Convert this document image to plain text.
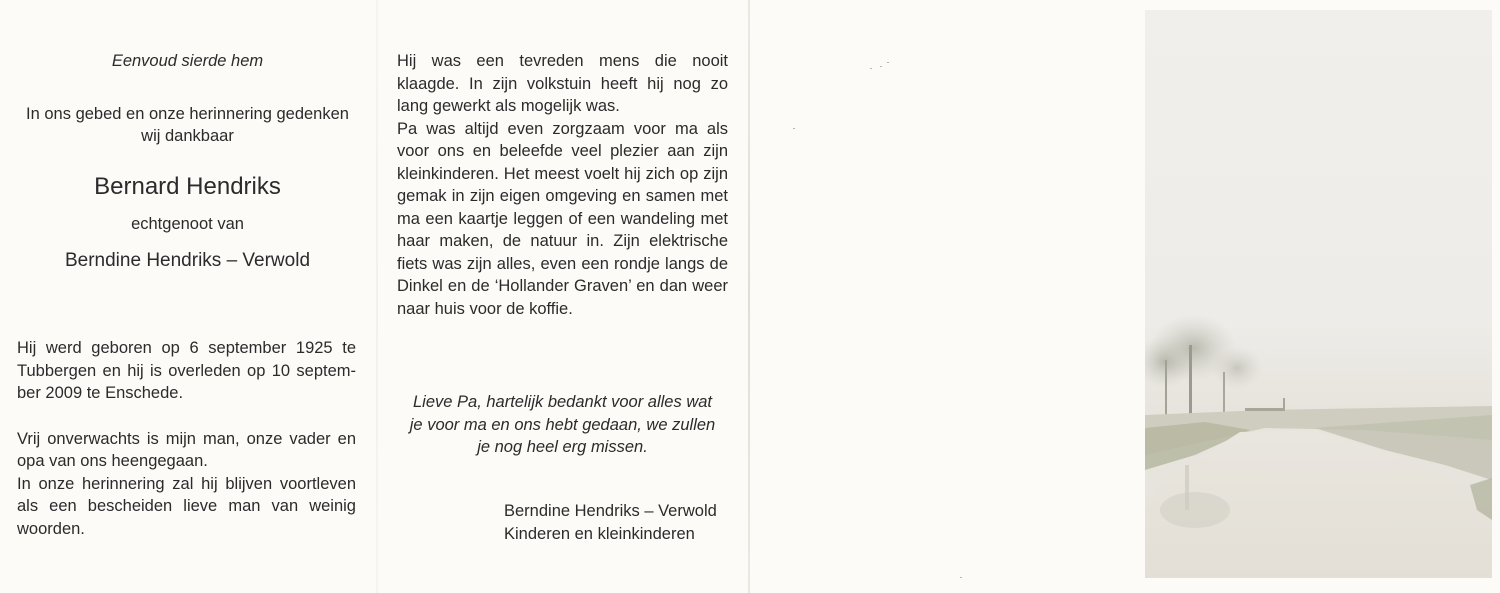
Eenvoud sierde hem

In ons gebed en onze herinnering gedenken

wij dankbaar

Bernard Hendriks

echtgenoot van

Berndine Hendriks – Verwold

Hij werd geboren op 6 september 1925 te Tubbergen en hij is overleden op 10 septem-ber 2009 te Enschede.

Vrij onverwachts is mijn man, onze vader en opa van ons heengegaan.

In onze herinnering zal hij blijven voortleven als een bescheiden lieve man van weinig woorden.

Hij was een tevreden mens die nooit klaagde. In zijn volkstuin heeft hij nog zo lang gewerkt als mogelijk was.

Pa was altijd even zorgzaam voor ma als voor ons en beleefde veel plezier aan zijn kleinkinderen. Het meest voelt hij zich op zijn gemak in zijn eigen omgeving en samen met ma een kaartje leggen of een wandeling met haar maken, de natuur in. Zijn elektrische fiets was zijn alles, even een rondje langs de Dinkel en de ‘Hollander Graven’ en dan weer naar huis voor de koffie.

Lieve Pa, hartelijk bedankt voor alles wat

je voor ma en ons hebt gedaan, we zullen

je nog heel erg missen.

Berndine Hendriks – Verwold

Kinderen en kleinkinderen
